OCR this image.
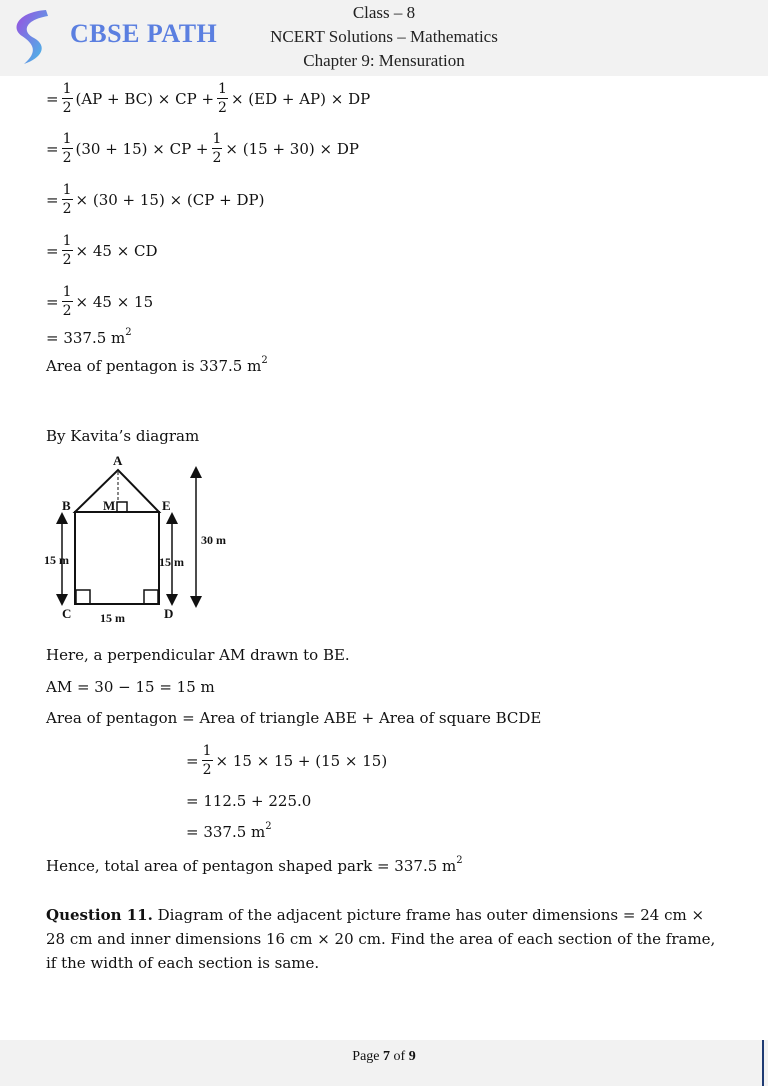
CBSE PATH
Class – 8
NCERT Solutions – Mathematics
Chapter 9: Mensuration
= $\frac{1}{2} (AP + BC)$ × CP + $\frac{1}{2} \times (ED + AP)$ × DP
= $\frac{1}{2} (30 + 15)$ × CP + $\frac{1}{2} \times (15 + 30)$ × DP
= $\frac{1}{2} \times (30 + 15) \times (CP + DP)$
= $\frac{1}{2} \times 45$ × CD
= $\frac{1}{2} \times 45 \times 15$
= 337.5 $m^2$
Area of pentagon is 337.5 $m^2$
By Kavita’s diagram
A
B M	E
C	D
15 m	15 m
15 m
30 m
Here, a perpendicular AM drawn to BE.
AM = 30 − 15 = 15 m
Area of pentagon = Area of triangle ABE + Area of square BCDE
= $\frac{1}{2} \times 15 \times 15 + (15 \times 15)$
= 112.5 + 225.0
= 337.5 $m^2$
Hence, total area of pentagon shaped park = 337.5 $m^2$
Question 11. Diagram of the adjacent picture frame has outer dimensions = 24 cm × 28 cm and inner dimensions 16 cm × 20 cm. Find the area of each section of the frame, if the width of each section is same.
Page 7 of 9
